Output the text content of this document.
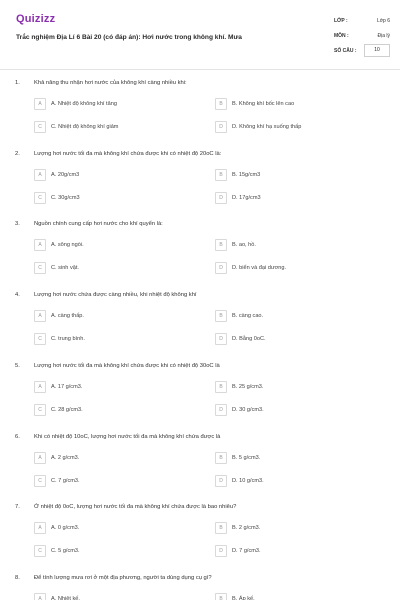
Quizizz
Trắc nghiệm Địa Lí 6 Bài 20 (có đáp án): Hơi nước trong không khí. Mưa
LỚP :	Lớp 6
MÔN :	Địa lý
SỐ CÂU :	10
1. Khả năng thu nhận hơi nước của không khí càng nhiều khi:
A	A. Nhiệt độ không khí tăng	B	B. Không khí bốc lên cao
C	C. Nhiệt độ không khí giảm	D	D. Không khí hạ xuống thấp
2. Lượng hơi nước tối đa mà không khí chứa được khi có nhiệt độ 20oC là:
A	A. 20g/cm3	B	B. 15g/cm3
C	C. 30g/cm3	D	D. 17g/cm3
3. Nguồn chính cung cấp hơi nước cho khí quyển là:
A	A. sông ngòi.	B	B. ao, hồ.
C	C. sinh vật.	D	D. biển và đại dương.
4. Lượng hơi nước chứa được càng nhiều, khi nhiệt độ không khí
A	A. càng thấp.	B	B. càng cao.
C	C. trung bình.	D	D. Bằng 0oC.
5. Lượng hơi nước tối đa mà không khí chứa được khi có nhiệt độ 30oC là
A	A. 17 g/cm3.	B	B. 25 g/cm3.
C	C. 28 g/cm3.	D	D. 30 g/cm3.
6. Khi có nhiệt độ 10oC, lượng hơi nước tối đa mà không khí chứa được là
A	A. 2 g/cm3.	B	B. 5 g/cm3.
C	C. 7 g/cm3.	D	D. 10 g/cm3.
7. Ở nhiệt độ 0oC, lượng hơi nước tối đa mà không khí chứa được là bao nhiêu?
A	A. 0 g/cm3.	B	B. 2 g/cm3.
C	C. 5 g/cm3.	D	D. 7 g/cm3.
8. Để tính lượng mưa rơi ở một địa phương, người ta dùng dụng cụ gì?
A	A. Nhiệt kế.	B	B. Áp kế.
